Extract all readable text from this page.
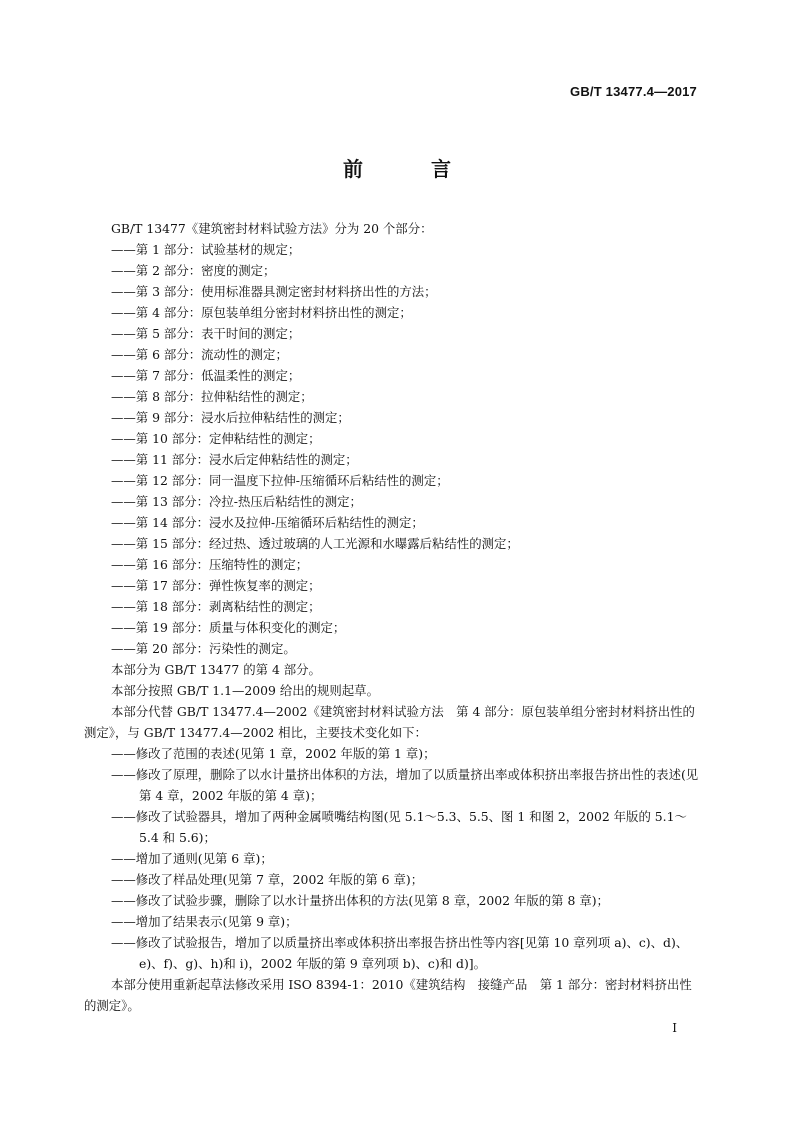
GB/T 13477.4—2017
前　言

GB/T 13477《建筑密封材料试验方法》分为 20 个部分：

——第 1 部分：试验基材的规定；

——第 2 部分：密度的测定；

——第 3 部分：使用标准器具测定密封材料挤出性的方法；

——第 4 部分：原包装单组分密封材料挤出性的测定；

——第 5 部分：表干时间的测定；

——第 6 部分：流动性的测定；

——第 7 部分：低温柔性的测定；

——第 8 部分：拉伸粘结性的测定；

——第 9 部分：浸水后拉伸粘结性的测定；

——第 10 部分：定伸粘结性的测定；

——第 11 部分：浸水后定伸粘结性的测定；

——第 12 部分：同一温度下拉伸-压缩循环后粘结性的测定；

——第 13 部分：冷拉-热压后粘结性的测定；

——第 14 部分：浸水及拉伸-压缩循环后粘结性的测定；

——第 15 部分：经过热、透过玻璃的人工光源和水曝露后粘结性的测定；

——第 16 部分：压缩特性的测定；

——第 17 部分：弹性恢复率的测定；

——第 18 部分：剥离粘结性的测定；

——第 19 部分：质量与体积变化的测定；

——第 20 部分：污染性的测定。

本部分为 GB/T 13477 的第 4 部分。

本部分按照 GB/T 1.1—2009 给出的规则起草。

本部分代替 GB/T 13477.4—2002《建筑密封材料试验方法　第 4 部分：原包装单组分密封材料挤出性的测定》，与 GB/T 13477.4—2002 相比，主要技术变化如下：

——修改了范围的表述(见第 1 章，2002 年版的第 1 章)；

——修改了原理，删除了以水计量挤出体积的方法，增加了以质量挤出率或体积挤出率报告挤出性的表述(见第 4 章，2002 年版的第 4 章)；

——修改了试验器具，增加了两种金属喷嘴结构图(见 5.1～5.3、5.5、图 1 和图 2，2002 年版的 5.1～5.4 和 5.6)；

——增加了通则(见第 6 章)；

——修改了样品处理(见第 7 章，2002 年版的第 6 章)；

——修改了试验步骤，删除了以水计量挤出体积的方法(见第 8 章，2002 年版的第 8 章)；

——增加了结果表示(见第 9 章)；

——修改了试验报告，增加了以质量挤出率或体积挤出率报告挤出性等内容[见第 10 章列项 a)、c)、d)、e)、f)、g)、h)和 i)，2002 年版的第 9 章列项 b)、c)和 d)]。

本部分使用重新起草法修改采用 ISO 8394-1：2010《建筑结构　接缝产品　第 1 部分：密封材料挤出性的测定》。

I
